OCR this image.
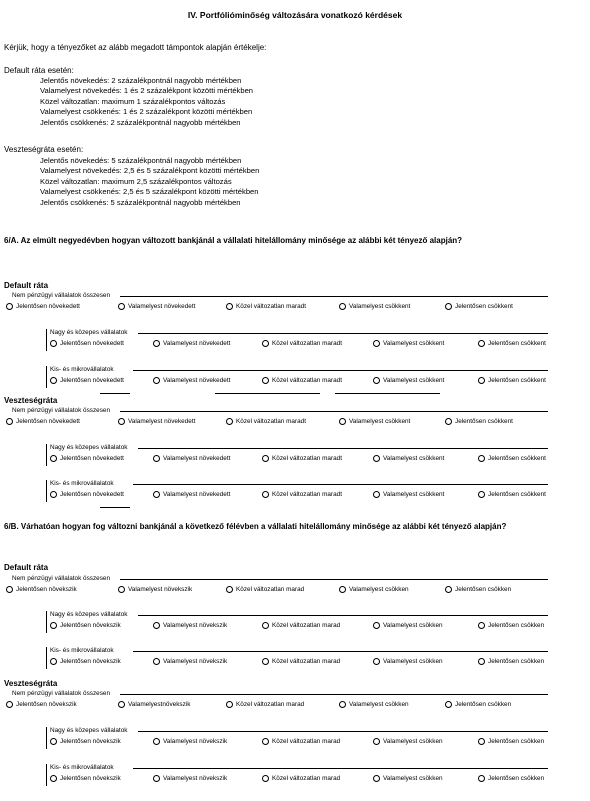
IV. Portfólióminőség változására vonatkozó kérdések
Kérjük, hogy a tényezőket az alább megadott támpontok alapján értékelje:
Default ráta esetén:
Jelentős növekedés: 2 százalékpontnál nagyobb mértékben
Valamelyest növekedés: 1 és 2 százalékpont közötti mértékben
Közel változatlan: maximum 1 százalékpontos változás
Valamelyest csökkenés: 1 és 2 százalékpont közötti mértékben
Jelentős csökkenés: 2 százalékpontnál nagyobb mértékben
Veszteségráta esetén:
Jelentős növekedés: 5 százalékpontnál nagyobb mértékben
Valamelyest növekedés: 2,5 és 5 százalékpont közötti mértékben
Közel változatlan: maximum 2,5 százalékpontos változás
Valamelyest csökkenés: 2,5 és 5 százalékpont közötti mértékben
Jelentős csökkenés: 5 százalékpontnál nagyobb mértékben
6/A. Az elmúlt negyedévben hogyan változott bankjánál a vállalati hitelállomány minősége az alábbi két tényező alapján?
Default ráta
Veszteségráta
6/B. Várhatóan hogyan fog változni bankjánál a következő félévben a vállalati hitelállomány minősége az alábbi két tényező alapján?
Default ráta
Veszteségráta
Nem pénzügyi vállalatok összesen
Jelentősen növekedett	Valamelyest növekedett	Közel változatlan maradt	Valamelyest csökkent	Jelentősen csökkent
Nagy és közepes vállalatok
Jelentősen növekedett	Valamelyest növekedett	Közel változatlan maradt	Valamelyest csökkent	Jelentősen csökkent
Kis- és mikrovállalatok
Jelentősen növekedett	Valamelyest növekedett	Közel változatlan maradt	Valamelyest csökkent	Jelentősen csökkent
Nem pénzügyi vállalatok összesen
Jelentősen növekedett	Valamelyest növekedett	Közel változatlan maradt	Valamelyest csökkent	Jelentősen csökkent
Nagy és közepes vállalatok
Jelentősen növekedett	Valamelyest növekedett	Közel változatlan maradt	Valamelyest csökkent	Jelentősen csökkent
Kis- és mikrovállalatok
Jelentősen növekedett	Valamelyest növekedett	Közel változatlan maradt	Valamelyest csökkent	Jelentősen csökkent
Nem pénzügyi vállalatok összesen
Jelentősen növekszik	Valamelyest növekszik	Közel változatlan marad	Valamelyest csökken	Jelentősen csökken
Nagy és közepes vállalatok
Jelentősen növekszik	Valamelyest növekszik	Közel változatlan marad	Valamelyest csökken	Jelentősen csökken
Kis- és mikrovállalatok
Jelentősen növekszik	Valamelyest növekszik	Közel változatlan marad	Valamelyest csökken	Jelentősen csökken
Nem pénzügyi vállalatok összesen
Jelentősen növekszik	Valamelyestnövekszik	Közel változatlan marad	Valamelyest csökken	Jelentősen csökken
Nagy és közepes vállalatok
Jelentősen növekszik	Valamelyest növekszik	Közel változatlan marad	Valamelyest csökken	Jelentősen csökken
Kis- és mikrovállalatok
Jelentősen növekszik	Valamelyest növekszik	Közel változatlan marad	Valamelyest csökken	Jelentősen csökken
